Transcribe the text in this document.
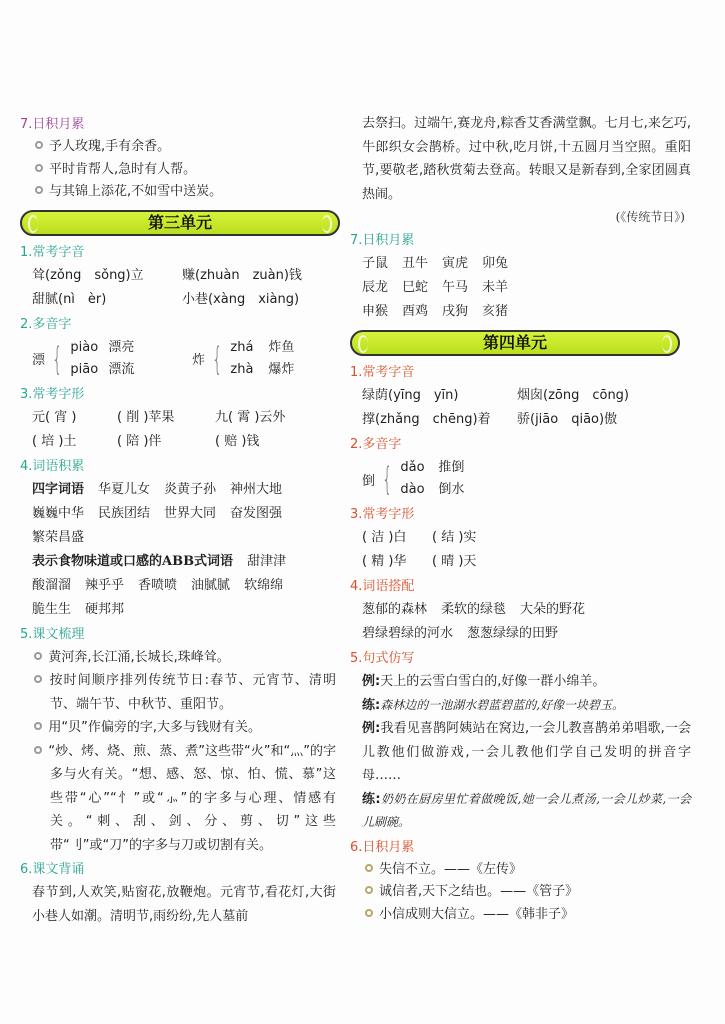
7.日积月累
予人玫瑰,手有余香。
平时肯帮人,急时有人帮。
与其锦上添花,不如雪中送炭。
第三单元
1.常考字音
耸(zǒng　sǒng)立	赚(zhuàn　zuàn)钱
甜腻(nì　èr)	小巷(xàng　xiàng)
2.多音字
漂 { piào 漂亮
piāo 漂流
炸 { zhá 炸鱼
zhà 爆炸
3.常考字形
元( 宵 )	( 削 )苹果	九( 霄 )云外
( 培 )土	( 陪 )伴	( 赔 )钱
4.词语积累
四字词语 华夏儿女 炎黄子孙 神州大地
巍巍中华 民族团结 世界大同 奋发图强
繁荣昌盛
表示食物味道或口感的ABB式词语 甜津津
酸溜溜 辣乎乎 香喷喷 油腻腻 软绵绵
脆生生 硬邦邦
5.课文梳理
黄河奔,长江涌,长城长,珠峰耸。
按时间顺序排列传统节日:春节、元宵节、清明节、端午节、中秋节、重阳节。
用“贝”作偏旁的字,大多与钱财有关。
“炒、烤、烧、煎、蒸、煮”这些带“火”和“灬”的字多与火有关。“想、感、怒、惊、怕、慌、慕”这些带“心”“忄”或“⺗”的字多与心理、情感有关。“刺、刮、剑、分、剪、切”这些带“刂”或“刀”的字多与刀或切割有关。
6.课文背诵
春节到,人欢笑,贴窗花,放鞭炮。元宵节,看花灯,大街小巷人如潮。清明节,雨纷纷,先人墓前
去祭扫。过端午,赛龙舟,粽香艾香满堂飘。七月七,来乞巧,牛郎织女会鹊桥。过中秋,吃月饼,十五圆月当空照。重阳节,要敬老,踏秋赏菊去登高。转眼又是新春到,全家团圆真热闹。
(《传统节日》)
7.日积月累
子鼠 丑牛 寅虎 卯兔
辰龙 巳蛇 午马 未羊
申猴 酉鸡 戌狗 亥猪
第四单元
1.常考字音
绿荫(yīng　yīn)	烟囱(zōng　cōng)
撑(zhǎng　chēng)着	骄(jiāo　qiāo)傲
2.多音字
倒 { dǎo 推倒
dào 倒水
3.常考字形
( 洁 )白 ( 结 )实
( 精 )华 ( 晴 )天
4.词语搭配
葱郁的森林 柔软的绿毯 大朵的野花
碧绿碧绿的河水 葱葱绿绿的田野
5.句式仿写
例:天上的云雪白雪白的,好像一群小绵羊。
练:森林边的一池湖水碧蓝碧蓝的,好像一块碧玉。
例:我看见喜鹊阿姨站在窝边,一会儿教喜鹊弟弟唱歌,一会儿教他们做游戏,一会儿教他们学自己发明的拼音字母……
练:奶奶在厨房里忙着做晚饭,她一会儿煮汤,一会儿炒菜,一会儿刷碗。
6.日积月累
失信不立。——《左传》
诚信者,天下之结也。——《管子》
小信成则大信立。——《韩非子》
